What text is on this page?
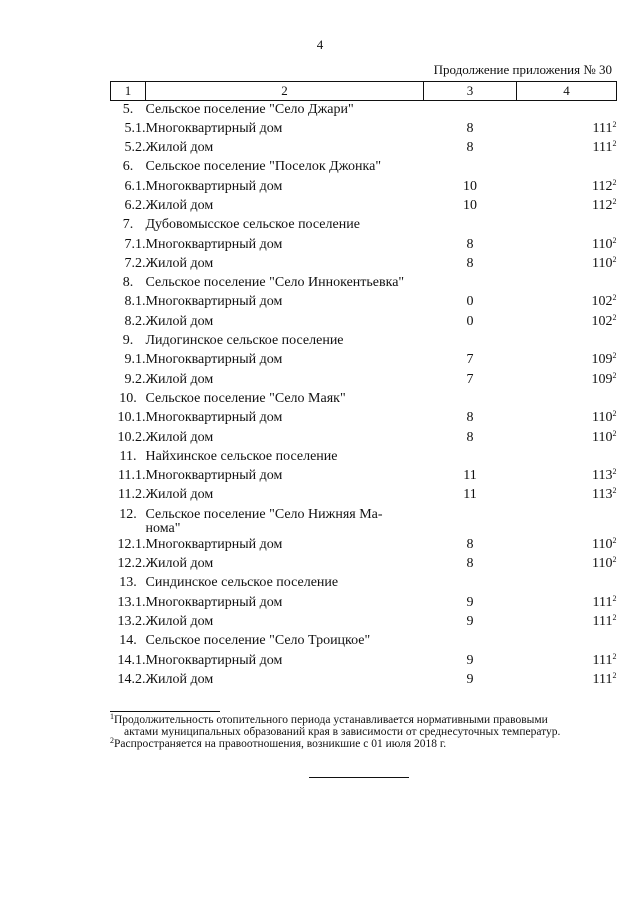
4
Продолжение приложения № 30
1	2	3	4
5.	Сельское поселение "Село Джари"		
5.1.	Многоквартирный дом	8	$111^2$
5.2.	Жилой дом	8	$111^2$
6.	Сельское поселение "Поселок Джонка"		
6.1.	Многоквартирный дом	10	$112^2$
6.2.	Жилой дом	10	$112^2$
7.	Дубовомысское сельское поселение		
7.1.	Многоквартирный дом	8	$110^2$
7.2.	Жилой дом	8	$110^2$
8.	Сельское поселение "Село Иннокентьевка"		
8.1.	Многоквартирный дом	0	$102^2$
8.2.	Жилой дом	0	$102^2$
9.	Лидогинское сельское поселение		
9.1.	Многоквартирный дом	7	$109^2$
9.2.	Жилой дом	7	$109^2$
10.	Сельское поселение "Село Маяк"		
10.1.	Многоквартирный дом	8	$110^2$
10.2.	Жилой дом	8	$110^2$
11.	Найхинское сельское поселение		
11.1.	Многоквартирный дом	11	$113^2$
11.2.	Жилой дом	11	$113^2$
12.	Сельское поселение "Село Нижняя Ма-
нома"		
12.1.	Многоквартирный дом	8	$110^2$
12.2.	Жилой дом	8	$110^2$
13.	Синдинское сельское поселение		
13.1.	Многоквартирный дом	9	$111^2$
13.2.	Жилой дом	9	$111^2$
14.	Сельское поселение "Село Троицкое"		
14.1.	Многоквартирный дом	9	$111^2$
14.2.	Жилой дом	9	$111^2$
$^1$Продолжительность отопительного периода устанавливается нормативными правовыми
актами муниципальных образований края в зависимости от среднесуточных температур.
$^2$Распространяется на правоотношения, возникшие с 01 июля 2018 г.
